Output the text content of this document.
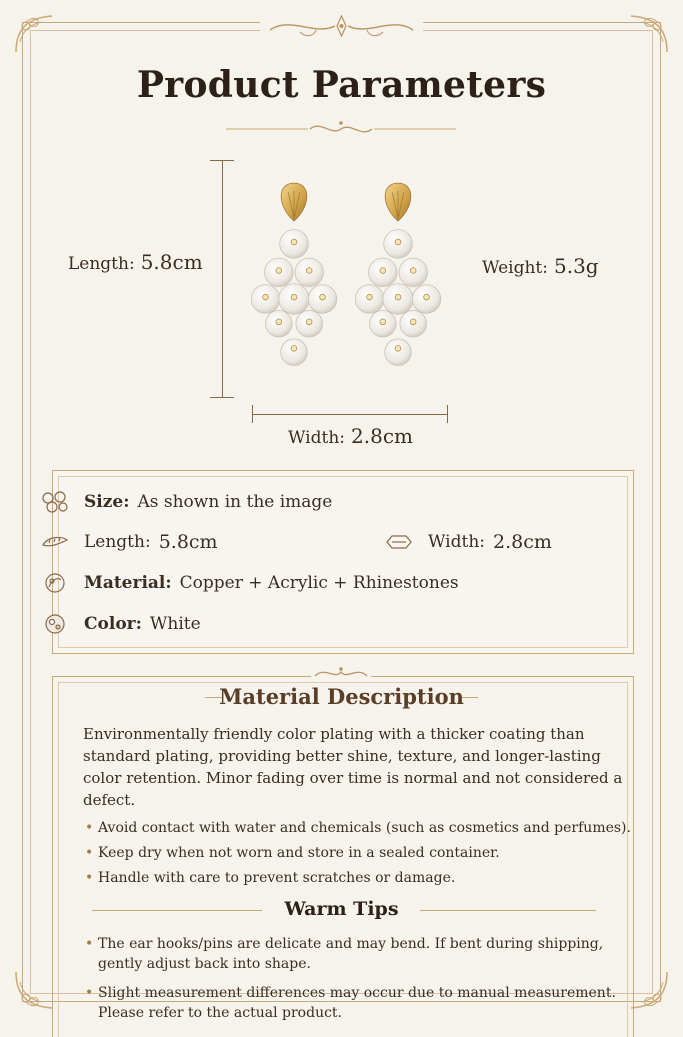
Product Parameters
Length: 5.8cm	Weight: 5.3g
Width: 2.8cm
Size: As shown in the image
Length: 5.8cm	Width: 2.8cm
Material: Copper + Acrylic + Rhinestones
Color: White
Material Description
Environmentally friendly color plating with a thicker coating than standard plating, providing better shine, texture, and longer-lasting color retention. Minor fading over time is normal and not considered a defect.
• Avoid contact with water and chemicals (such as cosmetics and perfumes).
• Keep dry when not worn and store in a sealed container.
• Handle with care to prevent scratches or damage.
Warm Tips
• The ear hooks/pins are delicate and may bend. If bent during shipping, gently adjust back into shape.
• Slight measurement differences may occur due to manual measurement. Please refer to the actual product.
